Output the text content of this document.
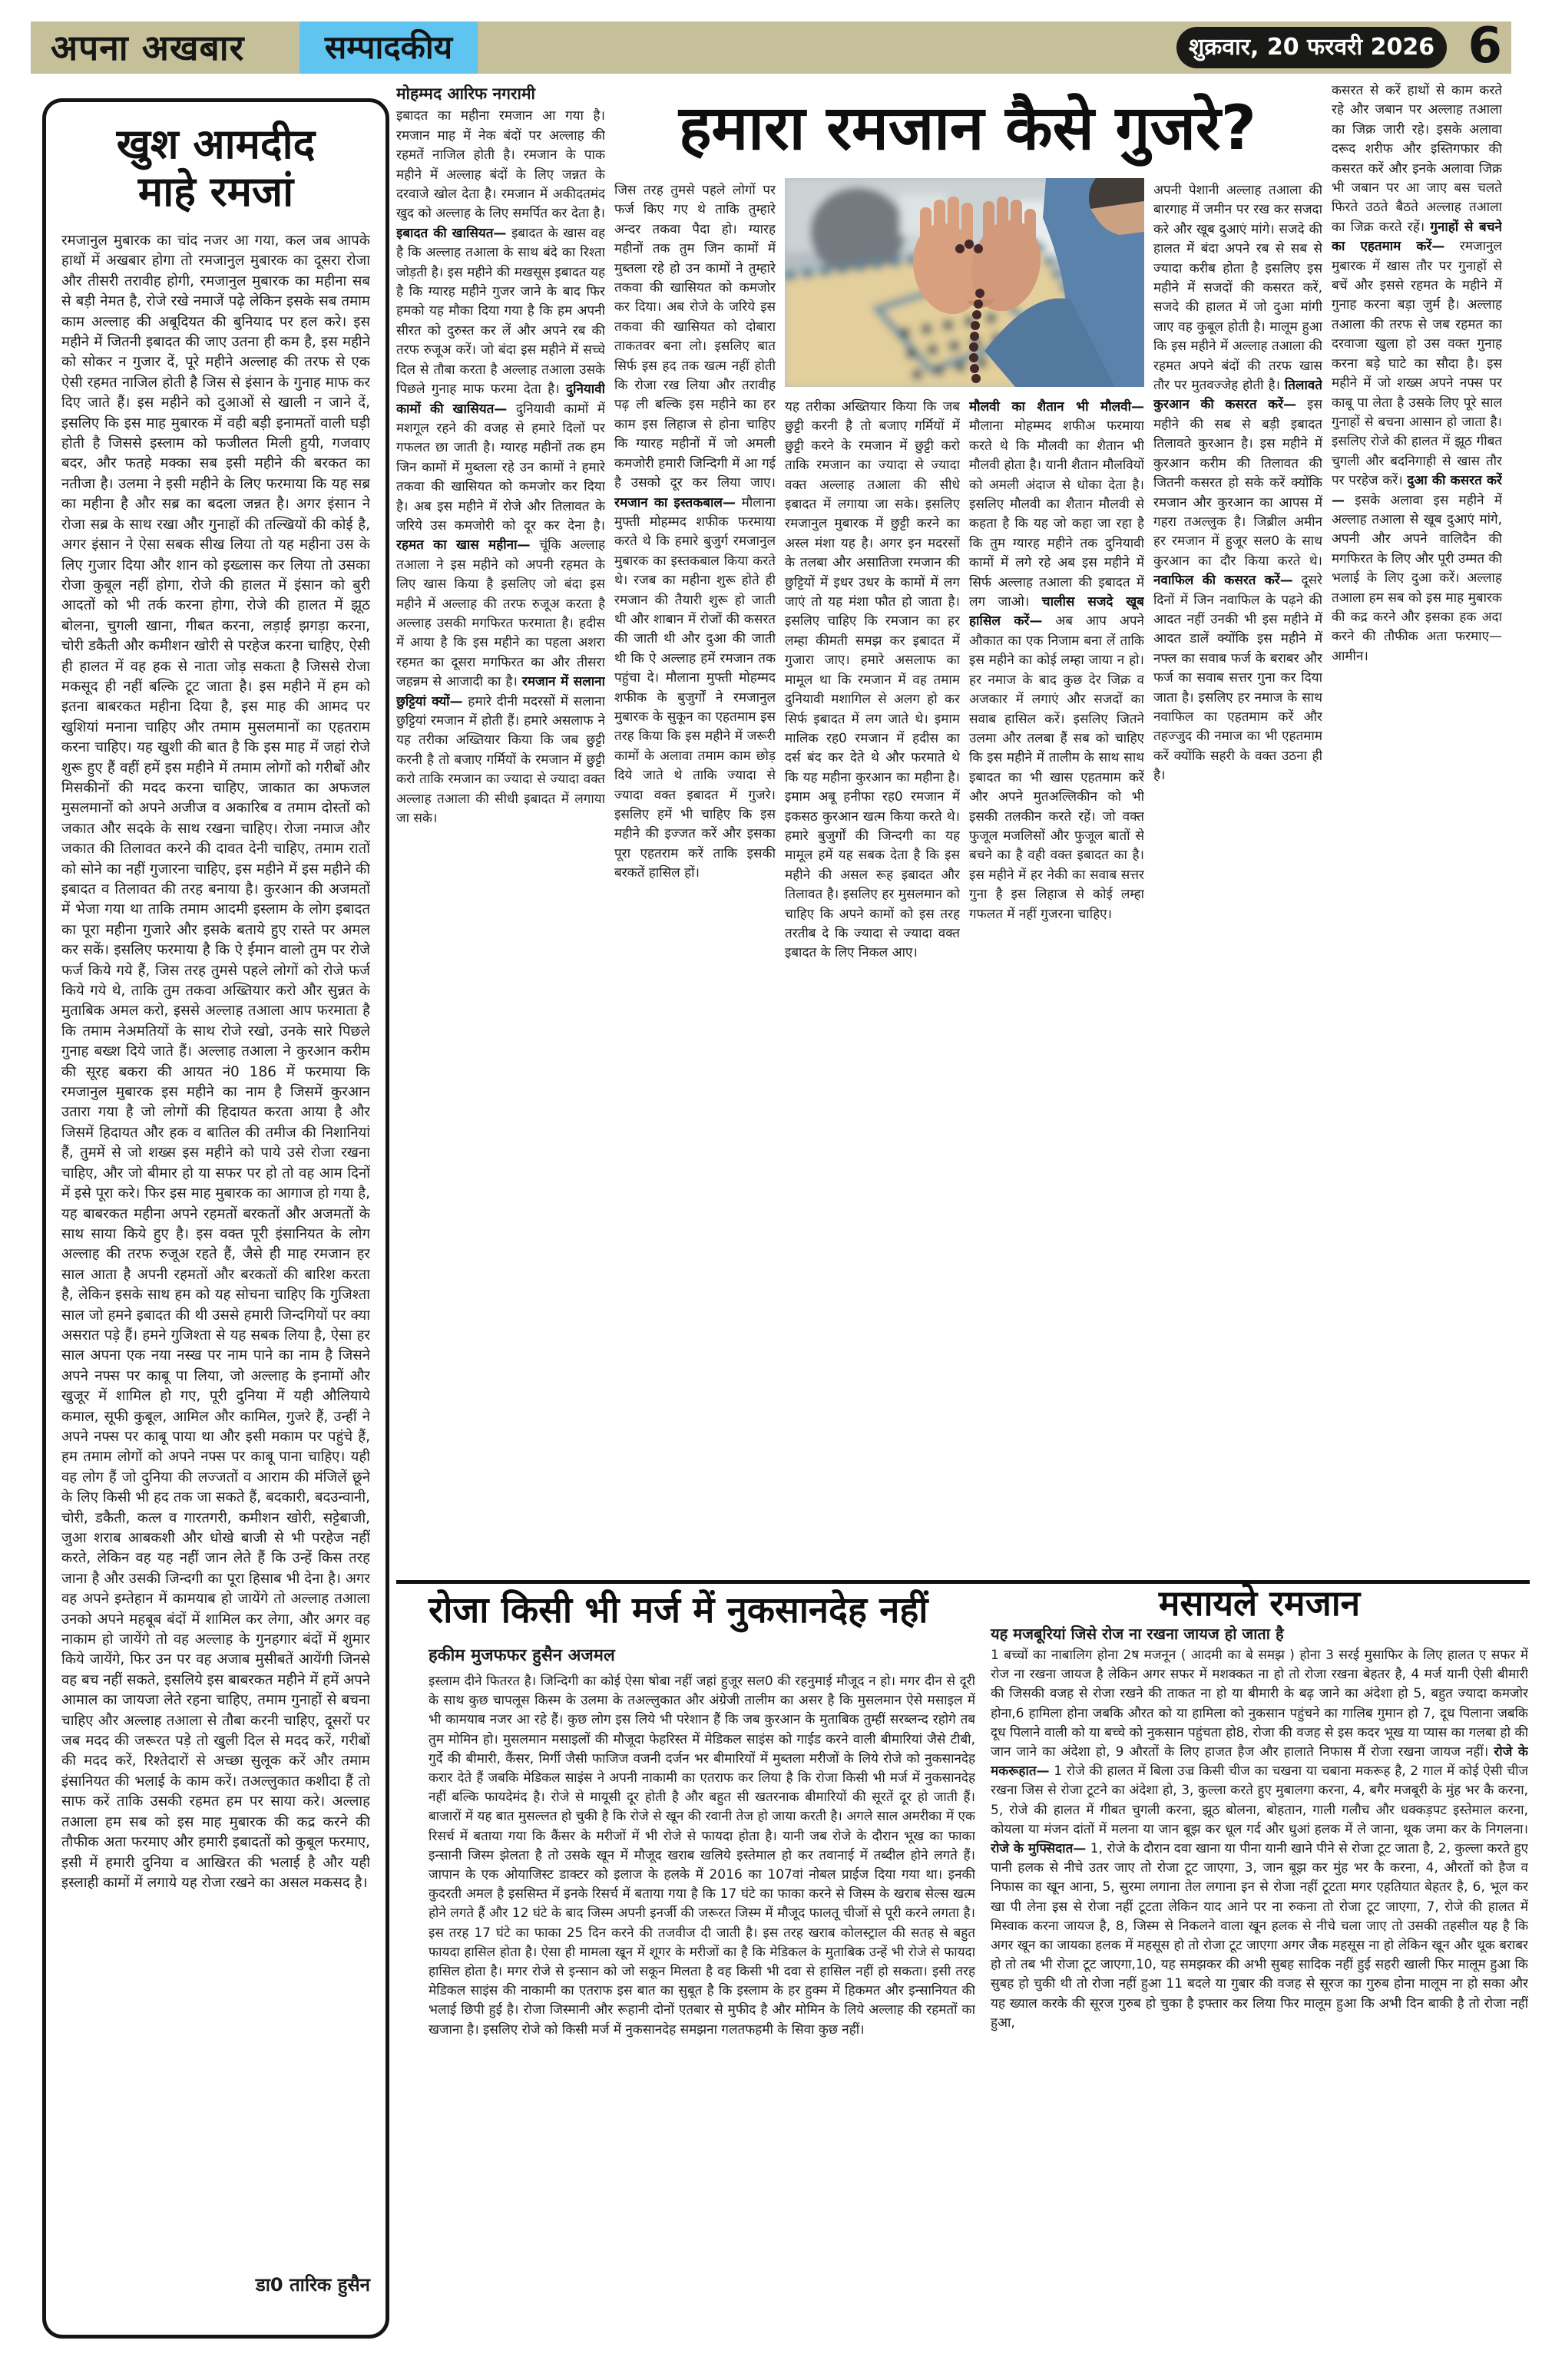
अपना अखबार	सम्पादकीय	शुक्रवार, 20 फरवरी 2026 6
खुश आमदीद
माहे रमजां
रमजानुल मुबारक का चांद नजर आ गया, कल जब आपके हाथों में अखबार होगा तो रमजानुल मुबारक का दूसरा रोजा और तीसरी तरावीह होगी, रमजानुल मुबारक का महीना सब से बड़ी नेमत है, रोजे रखे नमाजें पढ़े लेकिन इसके सब तमाम काम अल्लाह की अबूदियत की बुनियाद पर हल करे। इस महीने में जितनी इबादत की जाए उतना ही कम है, इस महीने को सोकर न गुजार दें, पूरे महीने अल्लाह की तरफ से एक ऐसी रहमत नाजिल होती है जिस से इंसान के गुनाह माफ कर दिए जाते हैं। इस महीने को दुआओं से खाली न जाने दें, इसलिए कि इस माह मुबारक में वही बड़ी इनामतों वाली घड़ी होती है जिससे इस्लाम को फजीलत मिली हुयी, गजवाए बदर, और फतहे मक्का सब इसी महीने की बरकत का नतीजा है। उलमा ने इसी महीने के लिए फरमाया कि यह सब्र का महीना है और सब्र का बदला जन्नत है। अगर इंसान ने रोजा सब्र के साथ रखा और गुनाहों की तल्खियों की कोई है, अगर इंसान ने ऐसा सबक सीख लिया तो यह महीना उस के लिए गुजार दिया और शान को इख्लास कर लिया तो उसका रोजा कुबूल नहीं होगा, रोजे की हालत में इंसान को बुरी आदतों को भी तर्क करना होगा, रोजे की हालत में झूठ बोलना, चुगली खाना, गीबत करना, लड़ाई झगड़ा करना, चोरी डकैती और कमीशन खोरी से परहेज करना चाहिए, ऐसी ही हालत में वह हक से नाता जोड़ सकता है जिससे रोजा मकसूद ही नहीं बल्कि टूट जाता है। इस महीने में हम को इतना बाबरकत महीना दिया है, इस माह की आमद पर खुशियां मनाना चाहिए और तमाम मुसलमानों का एहतराम करना चाहिए। यह खुशी की बात है कि इस माह में जहां रोजे शुरू हुए हैं वहीं हमें इस महीने में तमाम लोगों को गरीबों और मिसकीनों की मदद करना चाहिए, जाकात का अफजल मुसलमानों को अपने अजीज व अकारिब व तमाम दोस्तों को जकात और सदके के साथ रखना चाहिए। रोजा नमाज और जकात की तिलावत करने की दावत देनी चाहिए, तमाम रातों को सोने का नहीं गुजारना चाहिए, इस महीने में इस महीने की इबादत व तिलावत की तरह बनाया है। कुरआन की अजमतों में भेजा गया था ताकि तमाम आदमी इस्लाम के लोग इबादत का पूरा महीना गुजारे और इसके बताये हुए रास्ते पर अमल कर सकें। इसलिए फरमाया है कि ऐ ईमान वालो तुम पर रोजे फर्ज किये गये हैं, जिस तरह तुमसे पहले लोगों को रोजे फर्ज किये गये थे, ताकि तुम तकवा अख्तियार करो और सुन्नत के मुताबिक अमल करो, इससे अल्लाह तआला आप फरमाता है कि तमाम नेअमतियों के साथ रोजे रखो, उनके सारे पिछले गुनाह बख्श दिये जाते हैं। अल्लाह तआला ने कुरआन करीम की सूरह बकरा की आयत नं0 186 में फरमाया कि रमजानुल मुबारक इस महीने का नाम है जिसमें कुरआन उतारा गया है जो लोगों की हिदायत करता आया है और जिसमें हिदायत और हक व बातिल की तमीज की निशानियां हैं, तुममें से जो शख्स इस महीने को पाये उसे रोजा रखना चाहिए, और जो बीमार हो या सफर पर हो तो वह आम दिनों में इसे पूरा करे। फिर इस माह मुबारक का आगाज हो गया है, यह बाबरकत महीना अपने रहमतों बरकतों और अजमतों के साथ साया किये हुए है। इस वक्त पूरी इंसानियत के लोग अल्लाह की तरफ रुजूअ रहते हैं, जैसे ही माह रमजान हर साल आता है अपनी रहमतों और बरकतों की बारिश करता है, लेकिन इसके साथ हम को यह सोचना चाहिए कि गुजिश्ता साल जो हमने इबादत की थी उससे हमारी जिन्दगियों पर क्या असरात पड़े हैं। हमने गुजिश्ता से यह सबक लिया है, ऐसा हर साल अपना एक नया नस्ख पर नाम पाने का नाम है जिसने अपने नफ्स पर काबू पा लिया, जो अल्लाह के इनामों और खुजूर में शामिल हो गए, पूरी दुनिया में यही औलियाये कमाल, सूफी कुबूल, आमिल और कामिल, गुजरे हैं, उन्हीं ने अपने नफ्स पर काबू पाया था और इसी मकाम पर पहुंचे हैं, हम तमाम लोगों को अपने नफ्स पर काबू पाना चाहिए। यही वह लोग हैं जो दुनिया की लज्जतों व आराम की मंजिलें छूने के लिए किसी भी हद तक जा सकते हैं, बदकारी, बदउन्वानी, चोरी, डकैती, कत्ल व गारतगरी, कमीशन खोरी, सट्टेबाजी, जुआ शराब आबकशी और धोखे बाजी से भी परहेज नहीं करते, लेकिन वह यह नहीं जान लेते हैं कि उन्हें किस तरह जाना है और उसकी जिन्दगी का पूरा हिसाब भी देना है। अगर वह अपने इम्तेहान में कामयाब हो जायेंगे तो अल्लाह तआला उनको अपने महबूब बंदों में शामिल कर लेगा, और अगर वह नाकाम हो जायेंगे तो वह अल्लाह के गुनहगार बंदों में शुमार किये जायेंगे, फिर उन पर वह अजाब मुसीबतें आयेंगी जिनसे वह बच नहीं सकते, इसलिये इस बाबरकत महीने में हमें अपने आमाल का जायजा लेते रहना चाहिए, तमाम गुनाहों से बचना चाहिए और अल्लाह तआला से तौबा करनी चाहिए, दूसरों पर जब मदद की जरूरत पड़े तो खुली दिल से मदद करें, गरीबों की मदद करें, रिश्तेदारों से अच्छा सुलूक करें और तमाम इंसानियत की भलाई के काम करें। तअल्लुकात कशीदा हैं तो साफ करें ताकि उसकी रहमत हम पर साया करे। अल्लाह तआला हम सब को इस माह मुबारक की कद्र करने की तौफीक अता फरमाए और हमारी इबादतों को कुबूल फरमाए, इसी में हमारी दुनिया व आखिरत की भलाई है और यही इस्लाही कामों में लगाये यह रोजा रखने का असल मकसद है।
डा0 तारिक हुसैन
हमारा रमजान कैसे गुजरे?
मोहम्मद आरिफ नगरामी
इबादत का महीना रमजान आ गया है। रमजान माह में नेक बंदों पर अल्लाह की रहमतें नाजिल होती है। रमजान के पाक महीने में अल्लाह बंदों के लिए जन्नत के दरवाजे खोल देता है। रमजान में अकीदतमंद खुद को अल्लाह के लिए समर्पित कर देता है। इबादत की खासियत— इबादत के खास वह है कि अल्लाह तआला के साथ बंदे का रिश्ता जोड़ती है। इस महीने की मखसूस इबादत यह है कि ग्यारह महीने गुजर जाने के बाद फिर हमको यह मौका दिया गया है कि हम अपनी सीरत को दुरुस्त कर लें और अपने रब की तरफ रुजूअ करें। जो बंदा इस महीने में सच्चे दिल से तौबा करता है अल्लाह तआला उसके पिछले गुनाह माफ फरमा देता है। दुनियावी कामों की खासियत— दुनियावी कामों में मशगूल रहने की वजह से हमारे दिलों पर गफलत छा जाती है। ग्यारह महीनों तक हम जिन कामों में मुब्तला रहे उन कामों ने हमारे तकवा की खासियत को कमजोर कर दिया है। अब इस महीने में रोजे और तिलावत के जरिये उस कमजोरी को दूर कर देना है। रहमत का खास महीना— चूंकि अल्लाह तआला ने इस महीने को अपनी रहमत के लिए खास किया है इसलिए जो बंदा इस महीने में अल्लाह की तरफ रुजूअ करता है अल्लाह उसकी मगफिरत फरमाता है। हदीस में आया है कि इस महीने का पहला अशरा रहमत का दूसरा मगफिरत का और तीसरा जहन्नम से आजादी का है। रमजान में सलाना छुट्टियां क्यों— हमारे दीनी मदरसों में सलाना छुट्टियां रमजान में होती हैं। हमारे असलाफ ने यह तरीका अख्तियार किया कि जब छुट्टी करनी है तो बजाए गर्मियों के रमजान में छुट्टी करो ताकि रमजान का ज्यादा से ज्यादा वक्त अल्लाह तआला की सीधी इबादत में लगाया जा सके।
जिस तरह तुमसे पहले लोगों पर फर्ज किए गए थे ताकि तुम्हारे अन्दर तकवा पैदा हो। ग्यारह महीनों तक तुम जिन कामों में मुब्तला रहे हो उन कामों ने तुम्हारे तकवा की खासियत को कमजोर कर दिया। अब रोजे के जरिये इस तकवा की खासियत को दोबारा ताकतवर बना लो। इसलिए बात सिर्फ इस हद तक खत्म नहीं होती कि रोजा रख लिया और तरावीह पढ़ ली बल्कि इस महीने का हर काम इस लिहाज से होना चाहिए कि ग्यारह महीनों में जो अमली कमजोरी हमारी जिन्दिगी में आ गई है उसको दूर कर लिया जाए। रमजान का इस्तकबाल— मौलाना मुफ्ती मोहम्मद शफीक फरमाया करते थे कि हमारे बुजुर्ग रमजानुल मुबारक का इस्तकबाल किया करते थे। रजब का महीना शुरू होते ही रमजान की तैयारी शुरू हो जाती थी और शाबान में रोजों की कसरत की जाती थी और दुआ की जाती थी कि ऐ अल्लाह हमें रमजान तक पहुंचा दे। मौलाना मुफ्ती मोहम्मद शफीक के बुजुर्गों ने रमजानुल मुबारक के सुकून का एहतमाम इस तरह किया कि इस महीने में जरूरी कामों के अलावा तमाम काम छोड़ दिये जाते थे ताकि ज्यादा से ज्यादा वक्त इबादत में गुजरे। इसलिए हमें भी चाहिए कि इस महीने की इज्जत करें और इसका पूरा एहतराम करें ताकि इसकी बरकतें हासिल हों।
यह तरीका अख्तियार किया कि जब छुट्टी करनी है तो बजाए गर्मियों में छुट्टी करने के रमजान में छुट्टी करो ताकि रमजान का ज्यादा से ज्यादा वक्त अल्लाह तआला की सीधे इबादत में लगाया जा सके। इसलिए रमजानुल मुबारक में छुट्टी करने का अस्ल मंशा यह है। अगर इन मदरसों के तलबा और असातिजा रमजान की छुट्टियों में इधर उधर के कामों में लग जाएं तो यह मंशा फौत हो जाता है। इसलिए चाहिए कि रमजान का हर लम्हा कीमती समझ कर इबादत में गुजारा जाए। हमारे असलाफ का मामूल था कि रमजान में वह तमाम दुनियावी मशागिल से अलग हो कर सिर्फ इबादत में लग जाते थे। इमाम मालिक रह0 रमजान में हदीस का दर्स बंद कर देते थे और फरमाते थे कि यह महीना कुरआन का महीना है। इमाम अबू हनीफा रह0 रमजान में इकसठ कुरआन खत्म किया करते थे। हमारे बुजुर्गों की जिन्दगी का यह मामूल हमें यह सबक देता है कि इस महीने की असल रूह इबादत और तिलावत है। इसलिए हर मुसलमान को चाहिए कि अपने कामों को इस तरह तरतीब दे कि ज्यादा से ज्यादा वक्त इबादत के लिए निकल आए।
मौलवी का शैतान भी मौलवी— मौलाना मोहम्मद शफीअ फरमाया करते थे कि मौलवी का शैतान भी मौलवी होता है। यानी शैतान मौलवियों को अमली अंदाज से धोका देता है। इसलिए मौलवी का शैतान मौलवी से कहता है कि यह जो कहा जा रहा है कि तुम ग्यारह महीने तक दुनियावी कामों में लगे रहे अब इस महीने में सिर्फ अल्लाह तआला की इबादत में लग जाओ। चालीस सजदे खूब हासिल करें— अब आप अपने औकात का एक निजाम बना लें ताकि इस महीने का कोई लम्हा जाया न हो। हर नमाज के बाद कुछ देर जिक्र व अजकार में लगाएं और सजदों का सवाब हासिल करें। इसलिए जितने उलमा और तलबा हैं सब को चाहिए कि इस महीने में तालीम के साथ साथ इबादत का भी खास एहतमाम करें और अपने मुतअल्लिकीन को भी इसकी तलकीन करते रहें। जो वक्त फुजूल मजलिसों और फुजूल बातों से बचने का है वही वक्त इबादत का है। इस महीने में हर नेकी का सवाब सत्तर गुना है इस लिहाज से कोई लम्हा गफलत में नहीं गुजरना चाहिए।
अपनी पेशानी अल्लाह तआला की बारगाह में जमीन पर रख कर सजदा करे और खूब दुआएं मांगे। सजदे की हालत में बंदा अपने रब से सब से ज्यादा करीब होता है इसलिए इस महीने में सजदों की कसरत करें, सजदे की हालत में जो दुआ मांगी जाए वह कुबूल होती है। मालूम हुआ कि इस महीने में अल्लाह तआला की रहमत अपने बंदों की तरफ खास तौर पर मुतवज्जेह होती है। तिलावते कुरआन की कसरत करें— इस महीने की सब से बड़ी इबादत तिलावते कुरआन है। इस महीने में कुरआन करीम की तिलावत की जितनी कसरत हो सके करें क्योंकि रमजान और कुरआन का आपस में गहरा तअल्लुक है। जिब्रील अमीन हर रमजान में हुजूर सल0 के साथ कुरआन का दौर किया करते थे। नवाफिल की कसरत करें— दूसरे दिनों में जिन नवाफिल के पढ़ने की आदत नहीं उनकी भी इस महीने में आदत डालें क्योंकि इस महीने में नफ्ल का सवाब फर्ज के बराबर और फर्ज का सवाब सत्तर गुना कर दिया जाता है। इसलिए हर नमाज के साथ नवाफिल का एहतमाम करें और तहज्जुद की नमाज का भी एहतमाम करें क्योंकि सहरी के वक्त उठना ही है।
कसरत से करें हाथों से काम करते रहे और जबान पर अल्लाह तआला का जिक्र जारी रहे। इसके अलावा दरूद शरीफ और इस्तिगफार की कसरत करें और इनके अलावा जिक्र भी जबान पर आ जाए बस चलते फिरते उठते बैठते अल्लाह तआला का जिक्र करते रहें। गुनाहों से बचने का एहतमाम करें— रमजानुल मुबारक में खास तौर पर गुनाहों से बचें और इससे रहमत के महीने में गुनाह करना बड़ा जुर्म है। अल्लाह तआला की तरफ से जब रहमत का दरवाजा खुला हो उस वक्त गुनाह करना बड़े घाटे का सौदा है। इस महीने में जो शख्स अपने नफ्स पर काबू पा लेता है उसके लिए पूरे साल गुनाहों से बचना आसान हो जाता है। इसलिए रोजे की हालत में झूठ गीबत चुगली और बदनिगाही से खास तौर पर परहेज करें। दुआ की कसरत करें— इसके अलावा इस महीने में अल्लाह तआला से खूब दुआएं मांगे, अपनी और अपने वालिदैन की मगफिरत के लिए और पूरी उम्मत की भलाई के लिए दुआ करें। अल्लाह तआला हम सब को इस माह मुबारक की कद्र करने और इसका हक अदा करने की तौफीक अता फरमाए—आमीन।
रोजा किसी भी मर्ज में नुकसानदेह नहीं
हकीम मुजफफर हुसैन अजमल
इस्लाम दीने फितरत है। जिन्दिगी का कोई ऐसा षोबा नहीं जहां हुजूर सल0 की रहनुमाई मौजूद न हो। मगर दीन से दूरी के साथ कुछ चापलूस किस्म के उलमा के तअल्लुकात और अंग्रेजी तालीम का असर है कि मुसलमान ऐसे मसाइल में भी कामयाब नजर आ रहे हैं। कुछ लोग इस लिये भी परेशान हैं कि जब कुरआन के मुताबिक तुम्हीं सरब्लन्द रहोगे तब तुम मोमिन हो। मुसलमान मसाइलों की मौजूदा फेहरिस्त में मेडिकल साइंस को गाईड करने वाली बीमारियां जैसे टीबी, गुर्दे की बीमारी, कैंसर, मिर्गी जैसी फाजिज वजनी दर्जन भर बीमारियों में मुब्तला मरीजों के लिये रोजे को नुकसानदेह करार देते हैं जबकि मेडिकल साइंस ने अपनी नाकामी का एतराफ कर लिया है कि रोजा किसी भी मर्ज में नुकसानदेह नहीं बल्कि फायदेमंद है। रोजे से मायूसी दूर होती है और बहुत सी खतरनाक बीमारियों की सूरतें दूर हो जाती हैं। बाजारों में यह बात मुसल्लत हो चुकी है कि रोजे से खून की रवानी तेज हो जाया करती है। अगले साल अमरीका में एक रिसर्च में बताया गया कि कैंसर के मरीजों में भी रोजे से फायदा होता है। यानी जब रोजे के दौरान भूख का फाका इन्सानी जिस्म झेलता है तो उसके खून में मौजूद खराब खलिये इस्तेमाल हो कर तवानाई में तब्दील होने लगते हैं। जापान के एक ओयाजिस्ट डाक्टर को इलाज के हलके में 2016 का 107वां नोबल प्राईज दिया गया था। इनकी कुदरती अमल है इससिम्त में इनके रिसर्च में बताया गया है कि 17 घंटे का फाका करने से जिस्म के खराब सेल्स खत्म होने लगते हैं और 12 घंटे के बाद जिस्म अपनी इनर्जी की जरूरत जिस्म में मौजूद फालतू चीजों से पूरी करने लगता है। इस तरह 17 घंटे का फाका 25 दिन करने की तजवीज दी जाती है। इस तरह खराब कोलस्ट्राल की सतह से बहुत फायदा हासिल होता है। ऐसा ही मामला खून में शूगर के मरीजों का है कि मेडिकल के मुताबिक उन्हें भी रोजे से फायदा हासिल होता है। मगर रोजे से इन्सान को जो सकून मिलता है वह किसी भी दवा से हासिल नहीं हो सकता। इसी तरह मेडिकल साइंस की नाकामी का एतराफ इस बात का सुबूत है कि इस्लाम के हर हुक्म में हिकमत और इन्सानियत की भलाई छिपी हुई है। रोजा जिस्मानी और रूहानी दोनों एतबार से मुफीद है और मोमिन के लिये अल्लाह की रहमतों का खजाना है। इसलिए रोजे को किसी मर्ज में नुकसानदेह समझना गलतफहमी के सिवा कुछ नहीं।
मसायले रमजान
यह मजबूरियां जिसे रोज ना रखना जायज हो जाता है
1 बच्चों का नाबालिग होना 2ष मजनून ( आदमी का बे समझ ) होना 3 सरई मुसाफिर के लिए हालत ए सफर में रोज ना रखना जायज है लेकिन अगर सफर में मशक्कत ना हो तो रोजा रखना बेहतर है, 4 मर्ज यानी ऐसी बीमारी की जिसकी वजह से रोजा रखने की ताकत ना हो या बीमारी के बढ़ जाने का अंदेशा हो 5, बहुत ज्यादा कमजोर होना,6 हामिला होना जबकि औरत को या हामिला को नुकसान पहुंचने का गालिब गुमान हो 7, दूध पिलाना जबकि दूध पिलाने वाली को या बच्चे को नुकसान पहुंचता हो8, रोजा की वजह से इस कदर भूख या प्यास का गलबा हो की जान जाने का अंदेशा हो, 9 औरतों के लिए हाजत हैज और हालाते निफास मैं रोजा रखना जायज नहीं। रोजे के मकरूहात— 1 रोजे की हालत में बिला उज्र किसी चीज का चखना या चबाना मकरूह है, 2 गाल में कोई ऐसी चीज रखना जिस से रोजा टूटने का अंदेशा हो, 3, कुल्ला करते हुए मुबालगा करना, 4, बगैर मजबूरी के मुंह भर कै करना, 5, रोजे की हालत में गीबत चुगली करना, झूठ बोलना, बोहतान, गाली गलौच और धक्कड़पट इस्तेमाल करना, कोयला या मंजन दांतों में मलना या जान बूझ कर धूल गर्द और धुआं हलक में ले जाना, थूक जमा कर के निगलना। रोजे के मुफ्सिदात— 1, रोजे के दौरान दवा खाना या पीना यानी खाने पीने से रोजा टूट जाता है, 2, कुल्ला करते हुए पानी हलक से नीचे उतर जाए तो रोजा टूट जाएगा, 3, जान बूझ कर मुंह भर कै करना, 4, औरतों को हैज व निफास का खून आना, 5, सुरमा लगाना तेल लगाना इन से रोजा नहीं टूटता मगर एहतियात बेहतर है, 6, भूल कर खा पी लेना इस से रोजा नहीं टूटता लेकिन याद आने पर ना रुकना तो रोजा टूट जाएगा, 7, रोजे की हालत में मिस्वाक करना जायज है, 8, जिस्म से निकलने वाला खून हलक से नीचे चला जाए तो उसकी तहसील यह है कि अगर खून का जायका हलक में महसूस हो तो रोजा टूट जाएगा अगर जैक महसूस ना हो लेकिन खून और थूक बराबर हो तो तब भी रोजा टूट जाएगा,10, यह समझकर की अभी सुबह सादिक नहीं हुई सहरी खाली फिर मालूम हुआ कि सुबह हो चुकी थी तो रोजा नहीं हुआ 11 बदले या गुबार की वजह से सूरज का गुरुब होना मालूम ना हो सका और यह ख्याल करके की सूरज गुरुब हो चुका है इफ्तार कर लिया फिर मालूम हुआ कि अभी दिन बाकी है तो रोजा नहीं हुआ,
